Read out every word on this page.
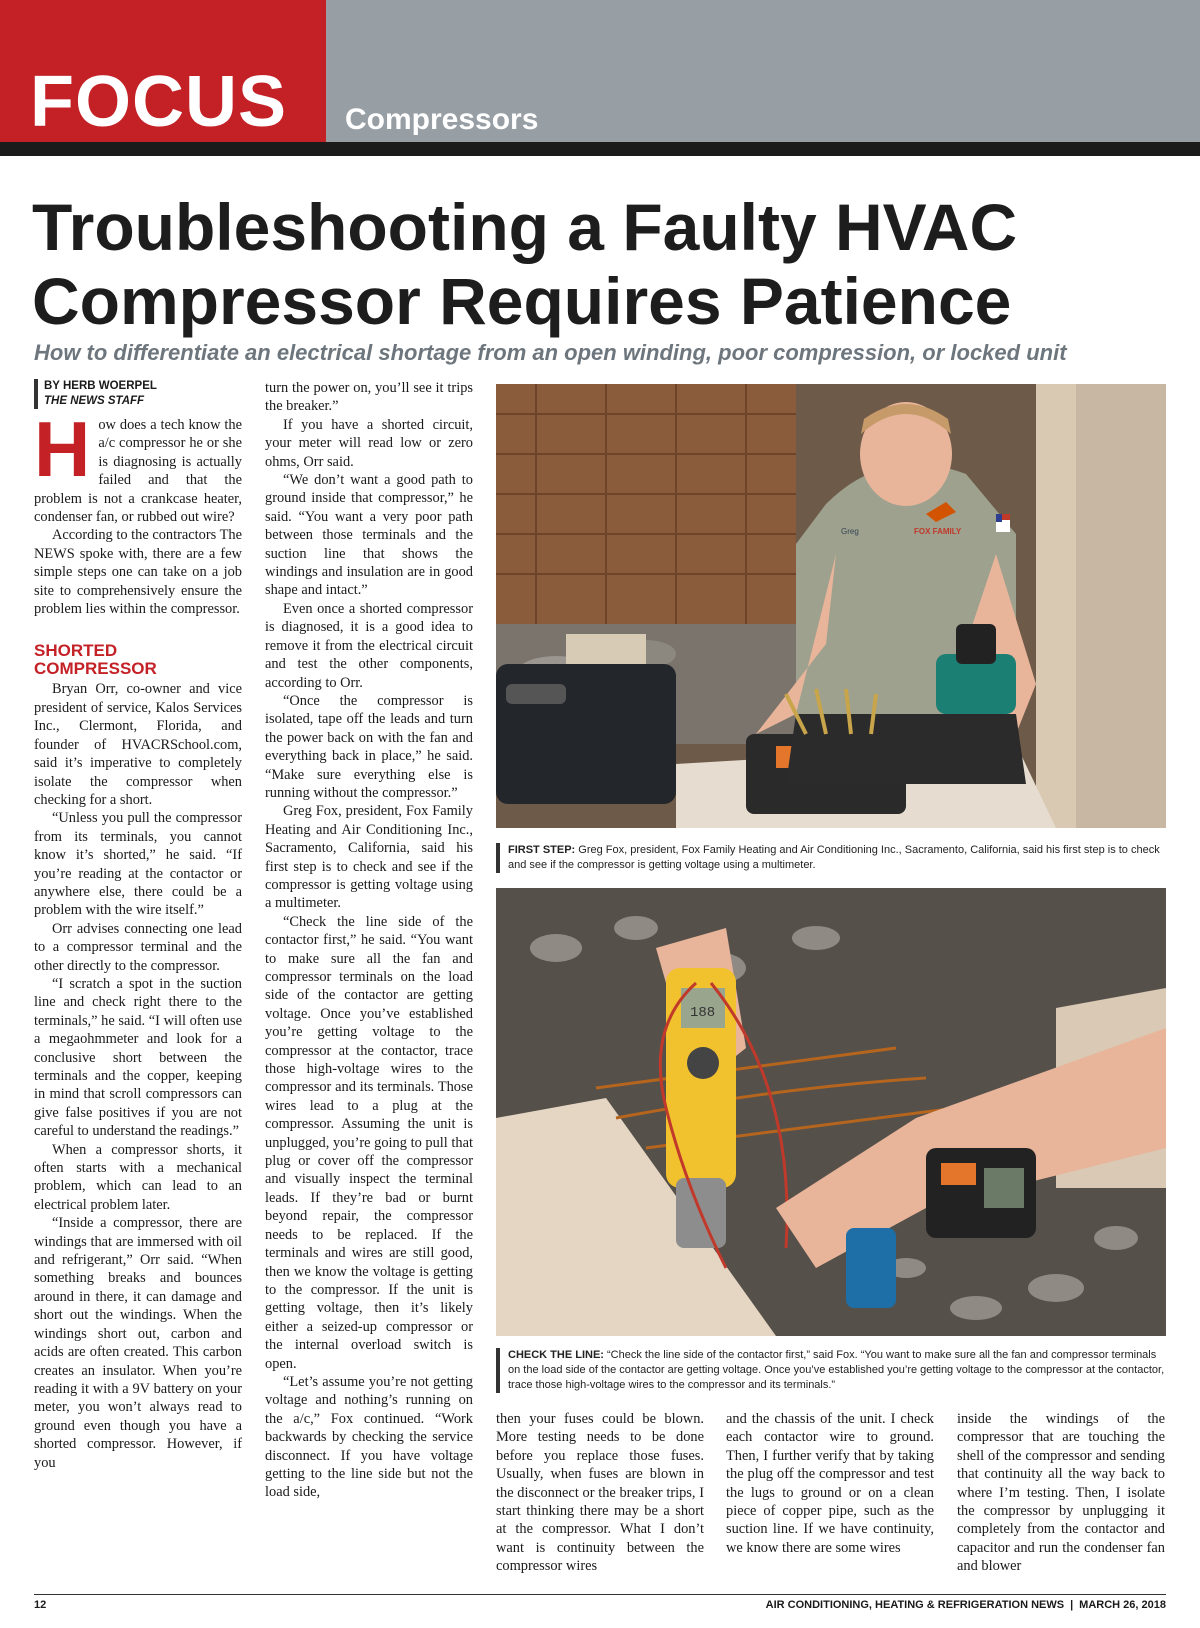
FOCUS Compressors
Troubleshooting a Faulty HVAC Compressor Requires Patience
How to differentiate an electrical shortage from an open winding, poor compression, or locked unit
BY HERB WOERPEL
THE NEWS STAFF

How does a tech know the a/c compressor he or she is diagnosing is actually failed and that the problem is not a crankcase heater, condenser fan, or rubbed out wire?

According to the contractors The NEWS spoke with, there are a few simple steps one can take on a job site to comprehensively ensure the problem lies within the compressor.

SHORTED COMPRESSOR

Bryan Orr, co-owner and vice president of service, Kalos Services Inc., Clermont, Florida, and founder of HVACRSchool.com, said it’s imperative to completely isolate the compressor when checking for a short.

“Unless you pull the compressor from its terminals, you cannot know it’s shorted,” he said. “If you’re reading at the contactor or anywhere else, there could be a problem with the wire itself.”

Orr advises connecting one lead to a compressor terminal and the other directly to the compressor.

“I scratch a spot in the suction line and check right there to the terminals,” he said. “I will often use a megaohmmeter and look for a conclusive short between the terminals and the copper, keeping in mind that scroll compressors can give false positives if you are not careful to understand the readings.”

When a compressor shorts, it often starts with a mechanical problem, which can lead to an electrical problem later.

“Inside a compressor, there are windings that are immersed with oil and refrigerant,” Orr said. “When something breaks and bounces around in there, it can damage and short out the windings. When the windings short out, carbon and acids are often created. This carbon creates an insulator. When you’re reading it with a 9V battery on your meter, you won’t always read to ground even though you have a shorted compressor. However, if you

turn the power on, you’ll see it trips the breaker.”

If you have a shorted circuit, your meter will read low or zero ohms, Orr said.

“We don’t want a good path to ground inside that compressor,” he said. “You want a very poor path between those terminals and the suction line that shows the windings and insulation are in good shape and intact.”

Even once a shorted compressor is diagnosed, it is a good idea to remove it from the electrical circuit and test the other components, according to Orr.

“Once the compressor is isolated, tape off the leads and turn the power back on with the fan and everything back in place,” he said. “Make sure everything else is running without the compressor.”

Greg Fox, president, Fox Family Heating and Air Conditioning Inc., Sacramento, California, said his first step is to check and see if the compressor is getting voltage using a multimeter.

“Check the line side of the contactor first,” he said. “You want to make sure all the fan and compressor terminals on the load side of the contactor are getting voltage. Once you’ve established you’re getting voltage to the compressor at the contactor, trace those high-voltage wires to the compressor and its terminals. Those wires lead to a plug at the compressor. Assuming the unit is unplugged, you’re going to pull that plug or cover off the compressor and visually inspect the terminal leads. If they’re bad or burnt beyond repair, the compressor needs to be replaced. If the terminals and wires are still good, then we know the voltage is getting to the compressor. If the unit is getting voltage, then it’s likely either a seized-up compressor or the internal overload switch is open.

“Let’s assume you’re not getting voltage and nothing’s running on the a/c,” Fox continued. “Work backwards by checking the service disconnect. If you have voltage getting to the line side but not the load side,

Greg	FOX FAMILY
FIRST STEP: Greg Fox, president, Fox Family Heating and Air Conditioning Inc., Sacramento, California, said his first step is to check and see if the compressor is getting voltage using a multimeter.
188
CHECK THE LINE: “Check the line side of the contactor first,” said Fox. “You want to make sure all the fan and compressor terminals on the load side of the contactor are getting voltage. Once you’ve established you’re getting voltage to the compressor at the contactor, trace those high-voltage wires to the compressor and its terminals.”

then your fuses could be blown. More testing needs to be done before you replace those fuses. Usually, when fuses are blown in the disconnect or the breaker trips, I start thinking there may be a short at the compressor. What I don’t want is continuity between the compressor wires

and the chassis of the unit. I check each contactor wire to ground. Then, I further verify that by taking the plug off the compressor and test the lugs to ground or on a clean piece of copper pipe, such as the suction line. If we have continuity, we know there are some wires

inside the windings of the compressor that are touching the shell of the compressor and sending that continuity all the way back to where I’m testing. Then, I isolate the compressor by unplugging it completely from the contactor and capacitor and run the condenser fan and blower

12	AIR CONDITIONING, HEATING & REFRIGERATION NEWS | MARCH 26, 2018
